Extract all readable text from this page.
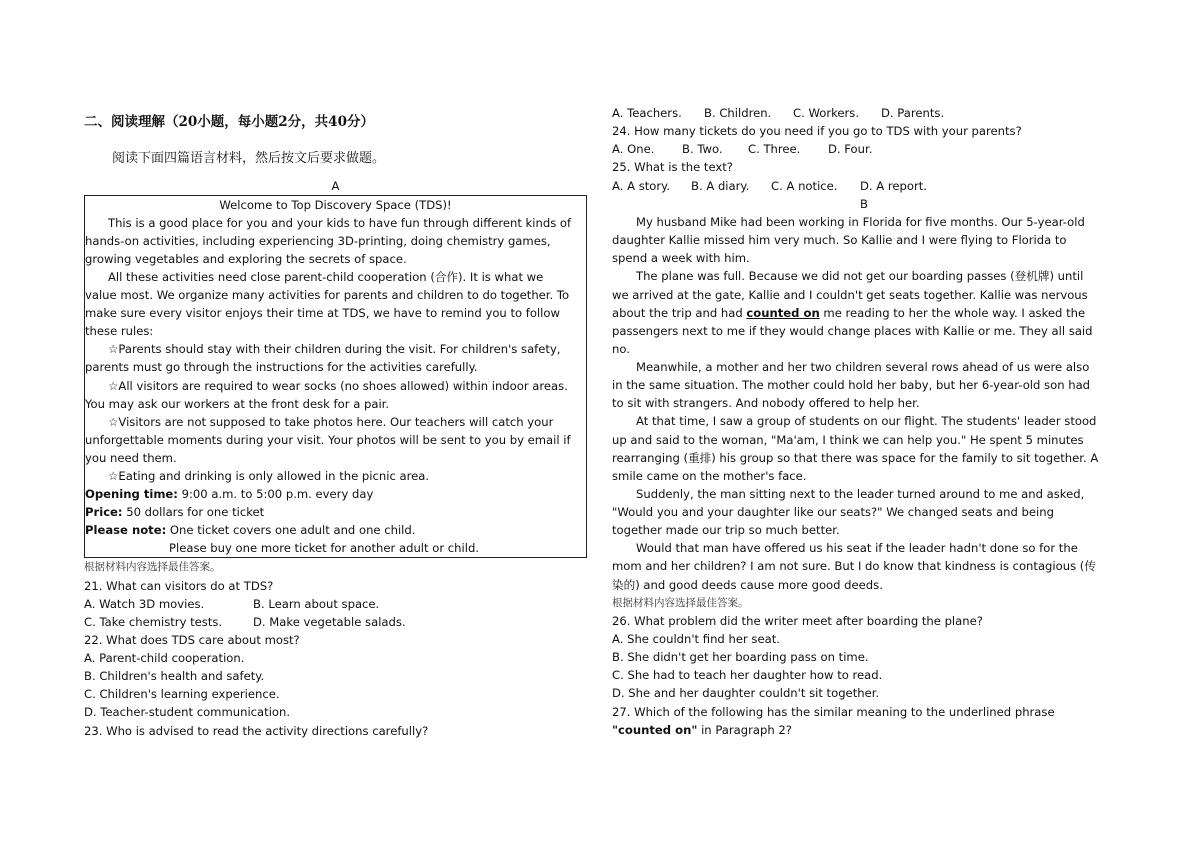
二、阅读理解（20小题，每小题2分，共40分）
阅读下面四篇语言材料，然后按文后要求做题。
A
Welcome to Top Discovery Space (TDS)!
This is a good place for you and your kids to have fun through different kinds of
hands-on activities, including experiencing 3D-printing, doing chemistry games,
growing vegetables and exploring the secrets of space.
All these activities need close parent-child cooperation (合作). It is what we
value most. We organize many activities for parents and children to do together. To
make sure every visitor enjoys their time at TDS, we have to remind you to follow
these rules:
☆Parents should stay with their children during the visit. For children's safety,
parents must go through the instructions for the activities carefully.
☆All visitors are required to wear socks (no shoes allowed) within indoor areas.
You may ask our workers at the front desk for a pair.
☆Visitors are not supposed to take photos here. Our teachers will catch your
unforgettable moments during your visit. Your photos will be sent to you by email if
you need them.
☆Eating and drinking is only allowed in the picnic area.
Opening time: 9:00 a.m. to 5:00 p.m. every day
Price: 50 dollars for one ticket
Please note: One ticket covers one adult and one child.
Please buy one more ticket for another adult or child.
根据材料内容选择最佳答案。
21. What can visitors do at TDS?
A. Watch 3D movies.	B. Learn about space.
C. Take chemistry tests.	D. Make vegetable salads.
22. What does TDS care about most?
A. Parent-child cooperation.
B. Children's health and safety.
C. Children's learning experience.
D. Teacher-student communication.
23. Who is advised to read the activity directions carefully?
A. Teachers. B. Children. C. Workers. D. Parents.
24. How many tickets do you need if you go to TDS with your parents?
A. One. B. Two. C. Three. D. Four.
25. What is the text?
A. A story. B. A diary. C. A notice. D. A report.
B
My husband Mike had been working in Florida for five months. Our 5-year-old
daughter Kallie missed him very much. So Kallie and I were flying to Florida to
spend a week with him.
The plane was full. Because we did not get our boarding passes (登机牌) until
we arrived at the gate, Kallie and I couldn't get seats together. Kallie was nervous
about the trip and had counted on me reading to her the whole way. I asked the
passengers next to me if they would change places with Kallie or me. They all said
no.
Meanwhile, a mother and her two children several rows ahead of us were also
in the same situation. The mother could hold her baby, but her 6-year-old son had
to sit with strangers. And nobody offered to help her.
At that time, I saw a group of students on our flight. The students' leader stood
up and said to the woman, "Ma'am, I think we can help you." He spent 5 minutes
rearranging (重排) his group so that there was space for the family to sit together. A
smile came on the mother's face.
Suddenly, the man sitting next to the leader turned around to me and asked,
"Would you and your daughter like our seats?" We changed seats and being
together made our trip so much better.
Would that man have offered us his seat if the leader hadn't done so for the
mom and her children? I am not sure. But I do know that kindness is contagious (传
染的) and good deeds cause more good deeds.
根据材料内容选择最佳答案。
26. What problem did the writer meet after boarding the plane?
A. She couldn't find her seat.
B. She didn't get her boarding pass on time.
C. She had to teach her daughter how to read.
D. She and her daughter couldn't sit together.
27. Which of the following has the similar meaning to the underlined phrase
"counted on" in Paragraph 2?
